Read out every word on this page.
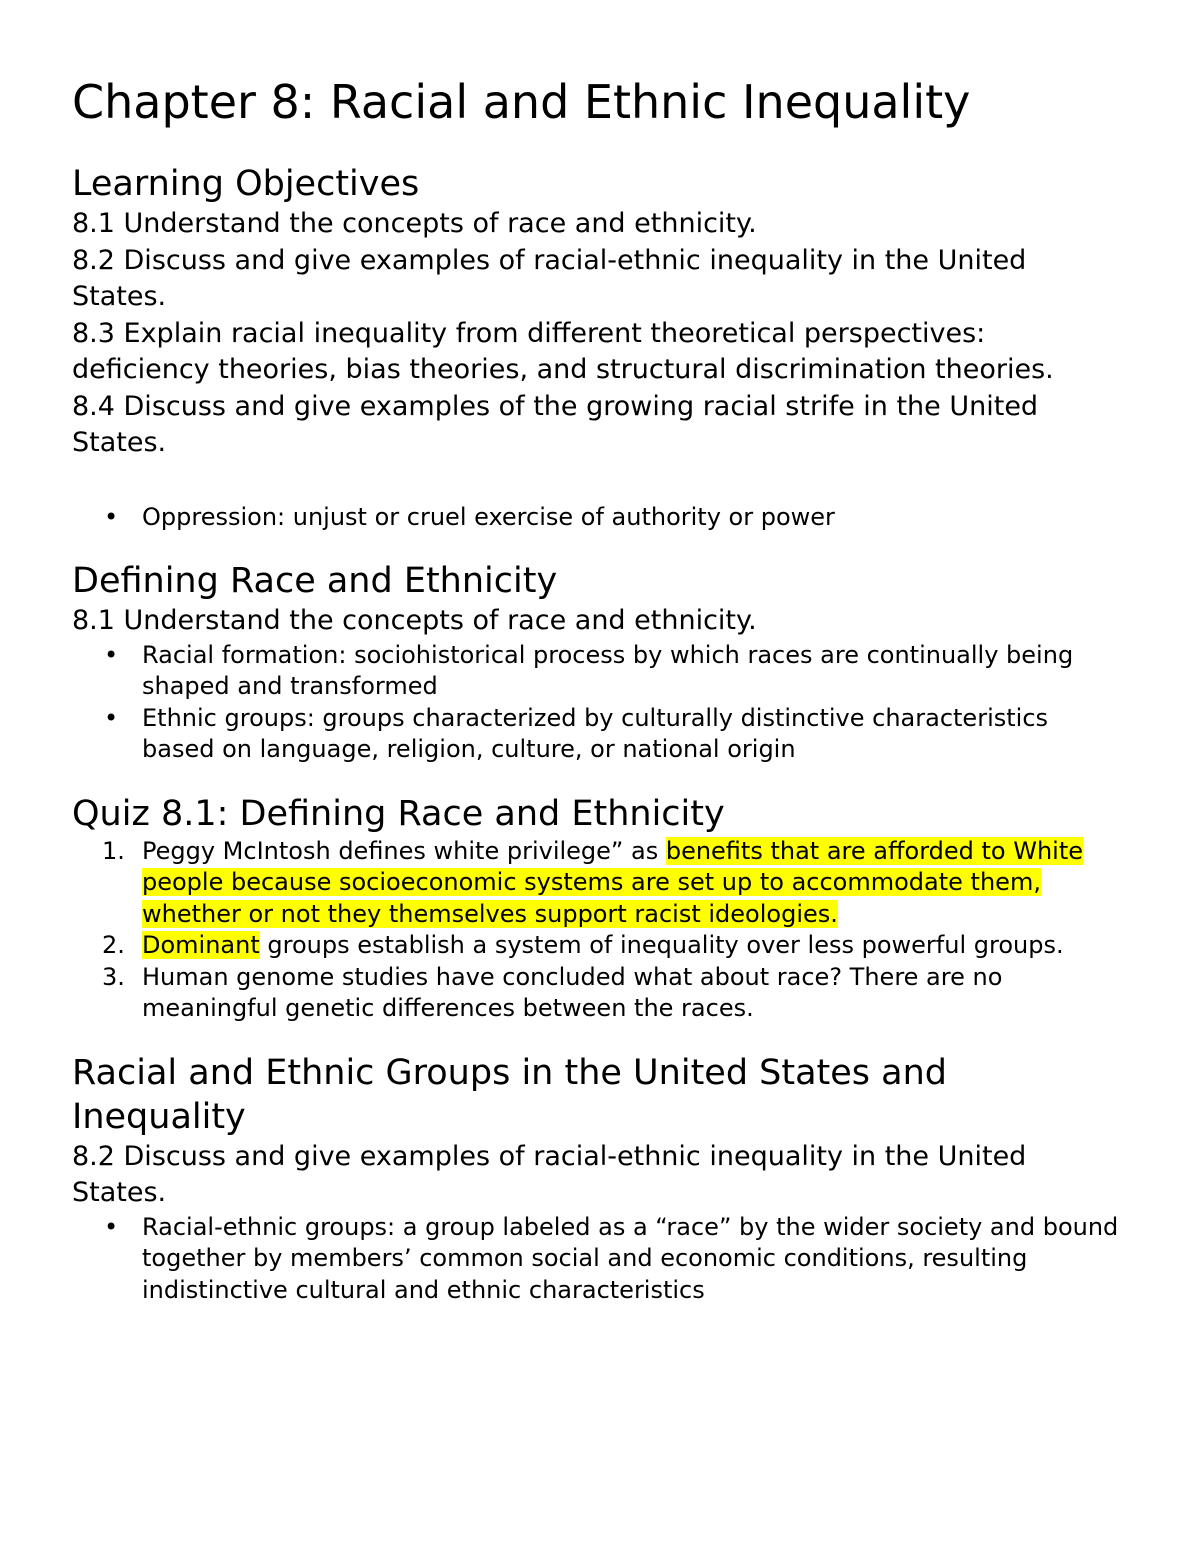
Chapter 8: Racial and Ethnic Inequality
Learning Objectives

8.1 Understand the concepts of race and ethnicity.

8.2 Discuss and give examples of racial-ethnic inequality in the United States.

8.3 Explain racial inequality from different theoretical perspectives: deficiency theories, bias theories, and structural discrimination theories.

8.4 Discuss and give examples of the growing racial strife in the United States.

• Oppression: unjust or cruel exercise of authority or power
Defining Race and Ethnicity

8.1 Understand the concepts of race and ethnicity.

• Racial formation: sociohistorical process by which races are continually being shaped and transformed
• Ethnic groups: groups characterized by culturally distinctive characteristics based on language, religion, culture, or national origin
Quiz 8.1: Defining Race and Ethnicity
1. Peggy McIntosh defines white privilege” as benefits that are afforded to White people because socioeconomic systems are set up to accommodate them, whether or not they themselves support racist ideologies.
2. Dominant groups establish a system of inequality over less powerful groups.
3. Human genome studies have concluded what about race? There are no meaningful genetic differences between the races.
Racial and Ethnic Groups in the United States and Inequality

8.2 Discuss and give examples of racial-ethnic inequality in the United States.

• Racial-ethnic groups: a group labeled as a “race” by the wider society and bound together by members’ common social and economic conditions, resulting indistinctive cultural and ethnic characteristics
